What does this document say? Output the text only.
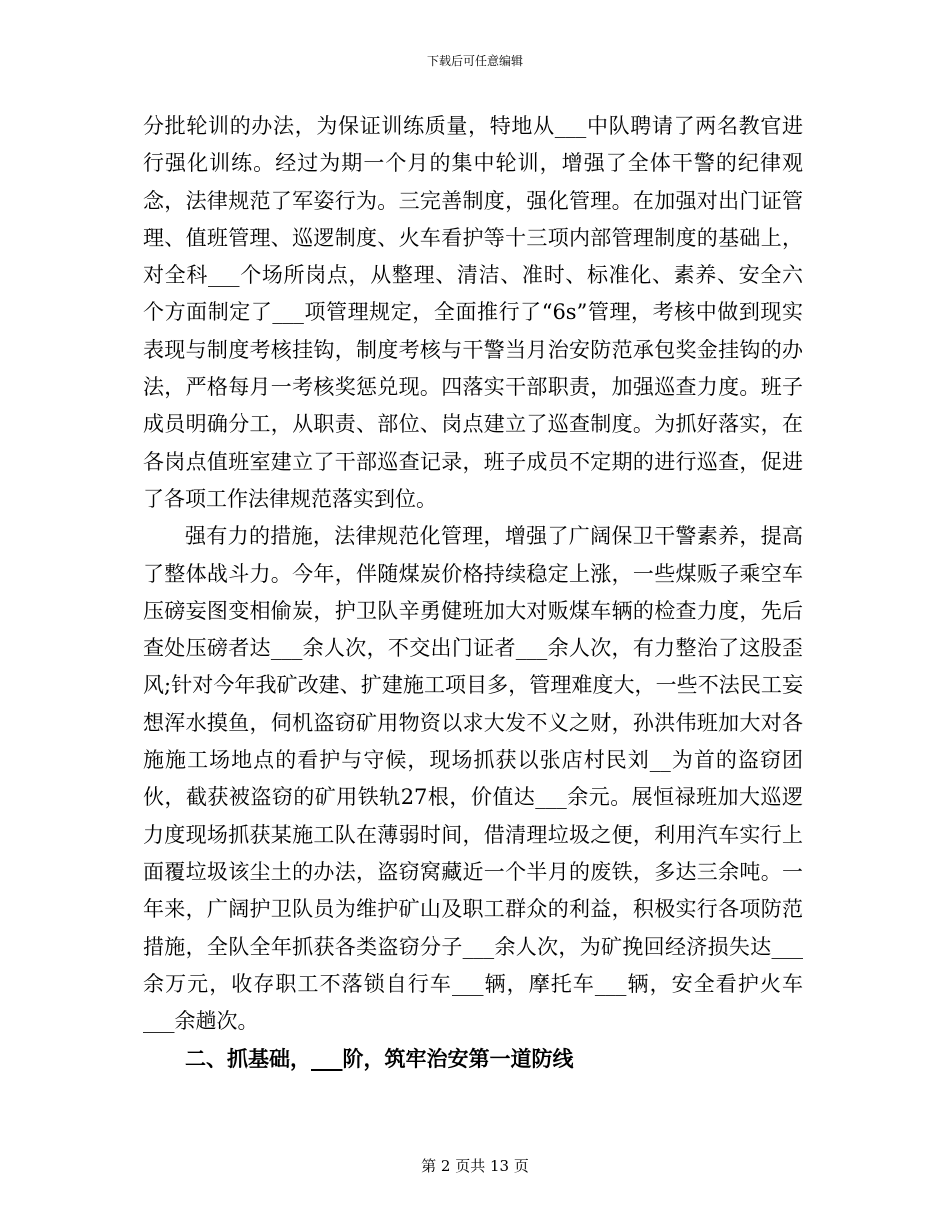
下载后可任意编辑

分批轮训的办法，为保证训练质量，特地从___中队聘请了两名教官进行强化训练。经过为期一个月的集中轮训，增强了全体干警的纪律观念，法律规范了军姿行为。三完善制度，强化管理。在加强对出门证管理、值班管理、巡逻制度、火车看护等十三项内部管理制度的基础上，对全科___个场所岗点，从整理、清洁、准时、标准化、素养、安全六个方面制定了___项管理规定，全面推行了“6s”管理，考核中做到现实表现与制度考核挂钩，制度考核与干警当月治安防范承包奖金挂钩的办法，严格每月一考核奖惩兑现。四落实干部职责，加强巡查力度。班子成员明确分工，从职责、部位、岗点建立了巡查制度。为抓好落实，在各岗点值班室建立了干部巡查记录，班子成员不定期的进行巡查，促进了各项工作法律规范落实到位。

强有力的措施，法律规范化管理，增强了广阔保卫干警素养，提高了整体战斗力。今年，伴随煤炭价格持续稳定上涨，一些煤贩子乘空车压磅妄图变相偷炭，护卫队辛勇健班加大对贩煤车辆的检查力度，先后查处压磅者达___余人次，不交出门证者___余人次，有力整治了这股歪风;针对今年我矿改建、扩建施工项目多，管理难度大，一些不法民工妄想浑水摸鱼，伺机盗窃矿用物资以求大发不义之财，孙洪伟班加大对各施施工场地点的看护与守候，现场抓获以张店村民刘__为首的盗窃团伙，截获被盗窃的矿用铁轨27根，价值达___余元。展恒禄班加大巡逻力度现场抓获某施工队在薄弱时间，借清理垃圾之便，利用汽车实行上面覆垃圾该尘土的办法，盗窃窝藏近一个半月的废铁，多达三余吨。一年来，广阔护卫队员为维护矿山及职工群众的利益，积极实行各项防范措施，全队全年抓获各类盗窃分子___余人次，为矿挽回经济损失达___余万元，收存职工不落锁自行车___辆，摩托车___辆，安全看护火车___余趟次。

二、抓基础，___阶，筑牢治安第一道防线

第 2 页共 13 页
